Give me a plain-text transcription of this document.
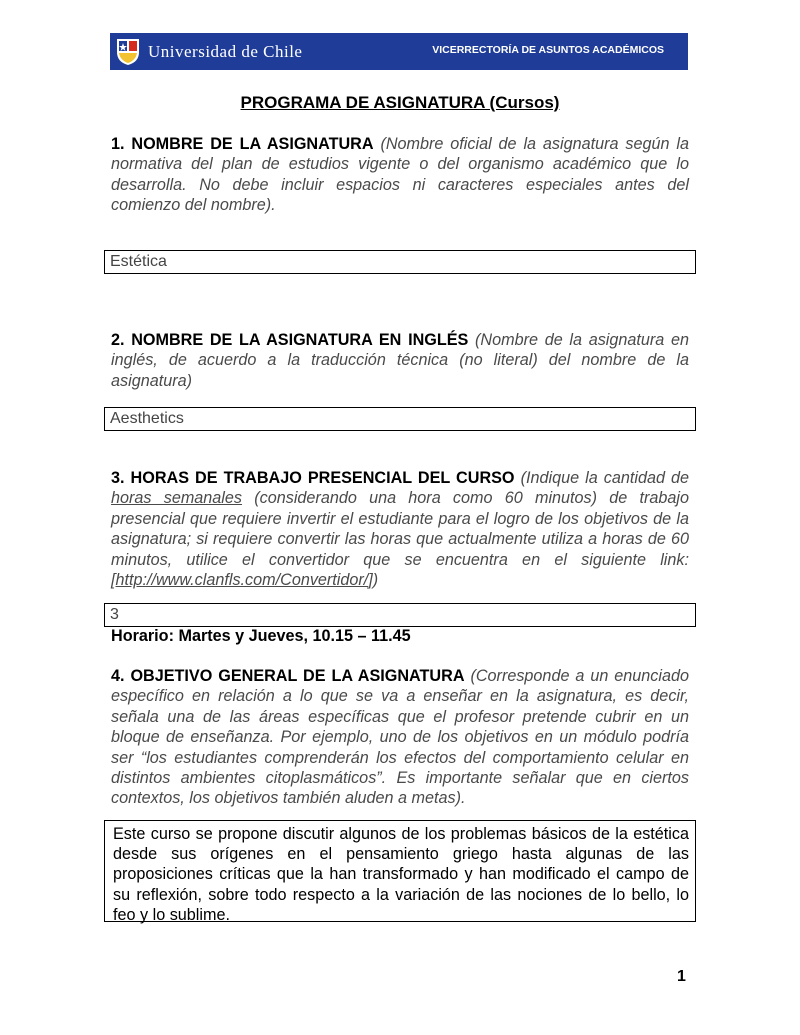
Universidad de Chile	VICERRECTORÍA DE ASUNTOS ACADÉMICOS
PROGRAMA DE ASIGNATURA (Cursos)
1. NOMBRE DE LA ASIGNATURA (Nombre oficial de la asignatura según la normativa del plan de estudios vigente o del organismo académico que lo desarrolla. No debe incluir espacios ni caracteres especiales antes del comienzo del nombre).
Estética
2. NOMBRE DE LA ASIGNATURA EN INGLÉS (Nombre de la asignatura en inglés, de acuerdo a la traducción técnica (no literal) del nombre de la asignatura)
Aesthetics
3. HORAS DE TRABAJO PRESENCIAL DEL CURSO (Indique la cantidad de horas semanales (considerando una hora como 60 minutos) de trabajo presencial que requiere invertir el estudiante para el logro de los objetivos de la asignatura; si requiere convertir las horas que actualmente utiliza a horas de 60 minutos, utilice el convertidor que se encuentra en el siguiente link: [http://www.clanfls.com/Convertidor/])
3
Horario: Martes y Jueves, 10.15 – 11.45
4. OBJETIVO GENERAL DE LA ASIGNATURA (Corresponde a un enunciado específico en relación a lo que se va a enseñar en la asignatura, es decir, señala una de las áreas específicas que el profesor pretende cubrir en un bloque de enseñanza. Por ejemplo, uno de los objetivos en un módulo podría ser “los estudiantes comprenderán los efectos del comportamiento celular en distintos ambientes citoplasmáticos”. Es importante señalar que en ciertos contextos, los objetivos también aluden a metas).
Este curso se propone discutir algunos de los problemas básicos de la estética desde sus orígenes en el pensamiento griego hasta algunas de las proposiciones críticas que la han transformado y han modificado el campo de su reflexión, sobre todo respecto a la variación de las nociones de lo bello, lo feo y lo sublime.
1
